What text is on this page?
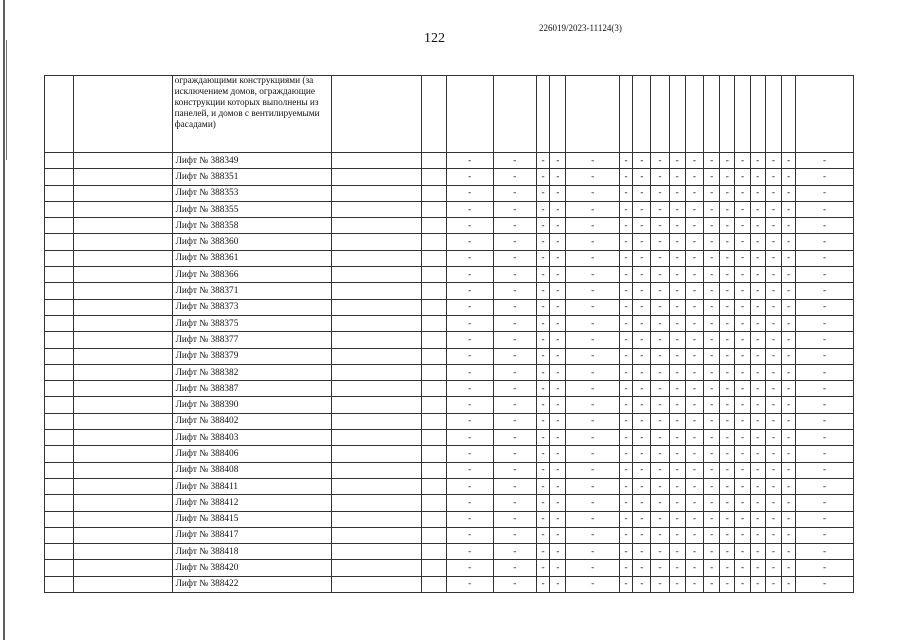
122
226019/2023-11124(3)
		ограждающими конструкциями (за исключением домов, ограждающие конструкции которых выполнены из панелей, и домов с вентилируемыми фасадами)																			
		Лифт № 388349			-	-	-	-	-	-	-	-	-	-	-	-	-	-	-	-	-
		Лифт № 388351			-	-	-	-	-	-	-	-	-	-	-	-	-	-	-	-	-
		Лифт № 388353			-	-	-	-	-	-	-	-	-	-	-	-	-	-	-	-	-
		Лифт № 388355			-	-	-	-	-	-	-	-	-	-	-	-	-	-	-	-	-
		Лифт № 388358			-	-	-	-	-	-	-	-	-	-	-	-	-	-	-	-	-
		Лифт № 388360			-	-	-	-	-	-	-	-	-	-	-	-	-	-	-	-	-
		Лифт № 388361			-	-	-	-	-	-	-	-	-	-	-	-	-	-	-	-	-
		Лифт № 388366			-	-	-	-	-	-	-	-	-	-	-	-	-	-	-	-	-
		Лифт № 388371			-	-	-	-	-	-	-	-	-	-	-	-	-	-	-	-	-
		Лифт № 388373			-	-	-	-	-	-	-	-	-	-	-	-	-	-	-	-	-
		Лифт № 388375			-	-	-	-	-	-	-	-	-	-	-	-	-	-	-	-	-
		Лифт № 388377			-	-	-	-	-	-	-	-	-	-	-	-	-	-	-	-	-
		Лифт № 388379			-	-	-	-	-	-	-	-	-	-	-	-	-	-	-	-	-
		Лифт № 388382			-	-	-	-	-	-	-	-	-	-	-	-	-	-	-	-	-
		Лифт № 388387			-	-	-	-	-	-	-	-	-	-	-	-	-	-	-	-	-
		Лифт № 388390			-	-	-	-	-	-	-	-	-	-	-	-	-	-	-	-	-
		Лифт № 388402			-	-	-	-	-	-	-	-	-	-	-	-	-	-	-	-	-
		Лифт № 388403			-	-	-	-	-	-	-	-	-	-	-	-	-	-	-	-	-
		Лифт № 388406			-	-	-	-	-	-	-	-	-	-	-	-	-	-	-	-	-
		Лифт № 388408			-	-	-	-	-	-	-	-	-	-	-	-	-	-	-	-	-
		Лифт № 388411			-	-	-	-	-	-	-	-	-	-	-	-	-	-	-	-	-
		Лифт № 388412			-	-	-	-	-	-	-	-	-	-	-	-	-	-	-	-	-
		Лифт № 388415			-	-	-	-	-	-	-	-	-	-	-	-	-	-	-	-	-
		Лифт № 388417			-	-	-	-	-	-	-	-	-	-	-	-	-	-	-	-	-
		Лифт № 388418			-	-	-	-	-	-	-	-	-	-	-	-	-	-	-	-	-
		Лифт № 388420			-	-	-	-	-	-	-	-	-	-	-	-	-	-	-	-	-
		Лифт № 388422			-	-	-	-	-	-	-	-	-	-	-	-	-	-	-	-	-
